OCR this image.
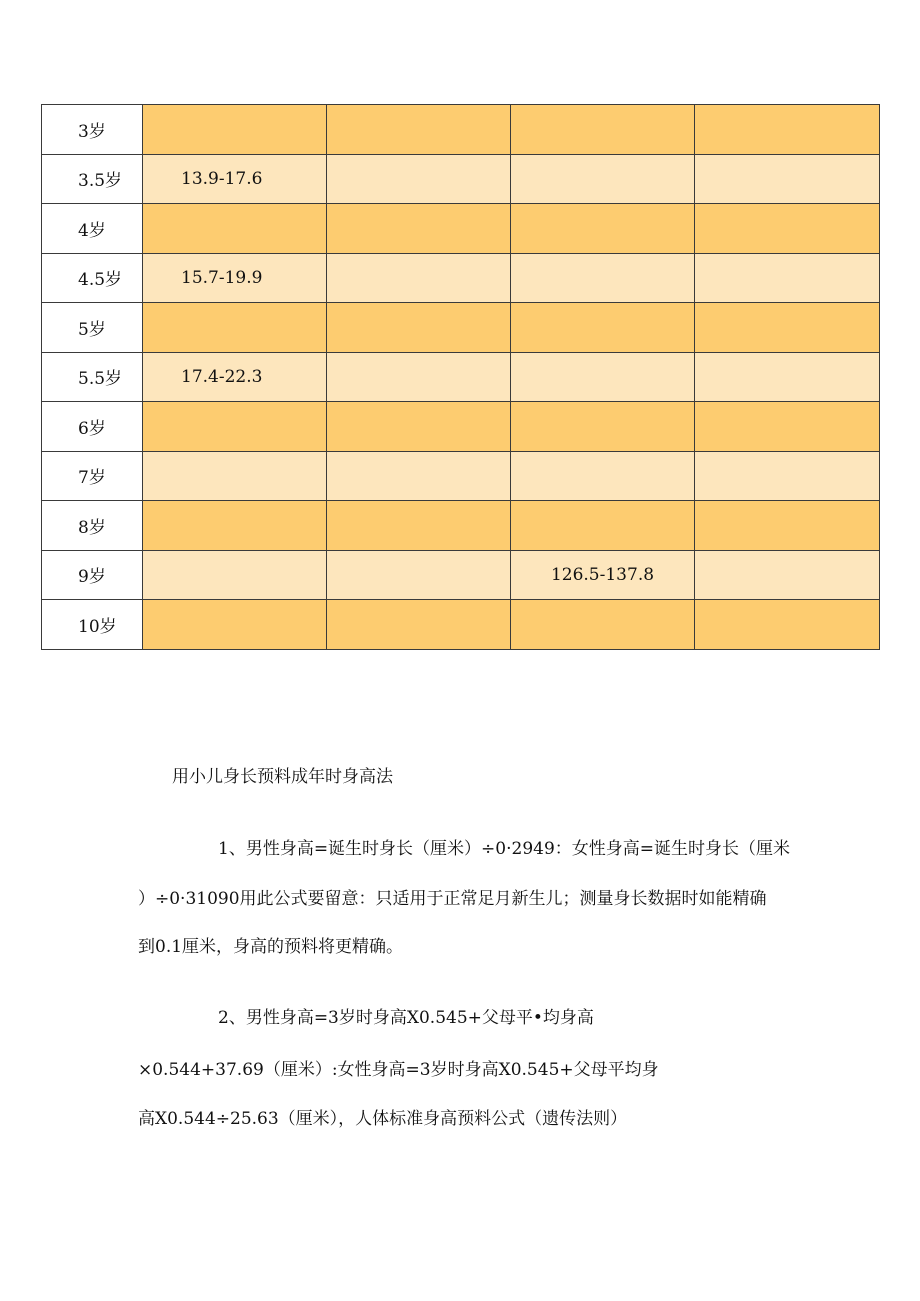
3岁				
3.5岁	13.9-17.6			
4岁				
4.5岁	15.7-19.9			
5岁				
5.5岁	17.4-22.3			
6岁				
7岁				
8岁				
9岁			126.5-137.8	
10岁				
用小儿身长预料成年时身高法
1、男性身高=诞生时身长（厘米）÷0·2949：女性身高=诞生时身长（厘米
）÷0·31090用此公式要留意：只适用于正常足月新生儿；测量身长数据时如能精确
到0.1厘米，身高的预料将更精确。
2、男性身高=3岁时身高X0.545+父母平•均身高
×0.544+37.69（厘米）:女性身高=3岁时身高X0.545+父母平均身
高X0.544÷25.63（厘米），人体标准身高预料公式（遗传法则）
